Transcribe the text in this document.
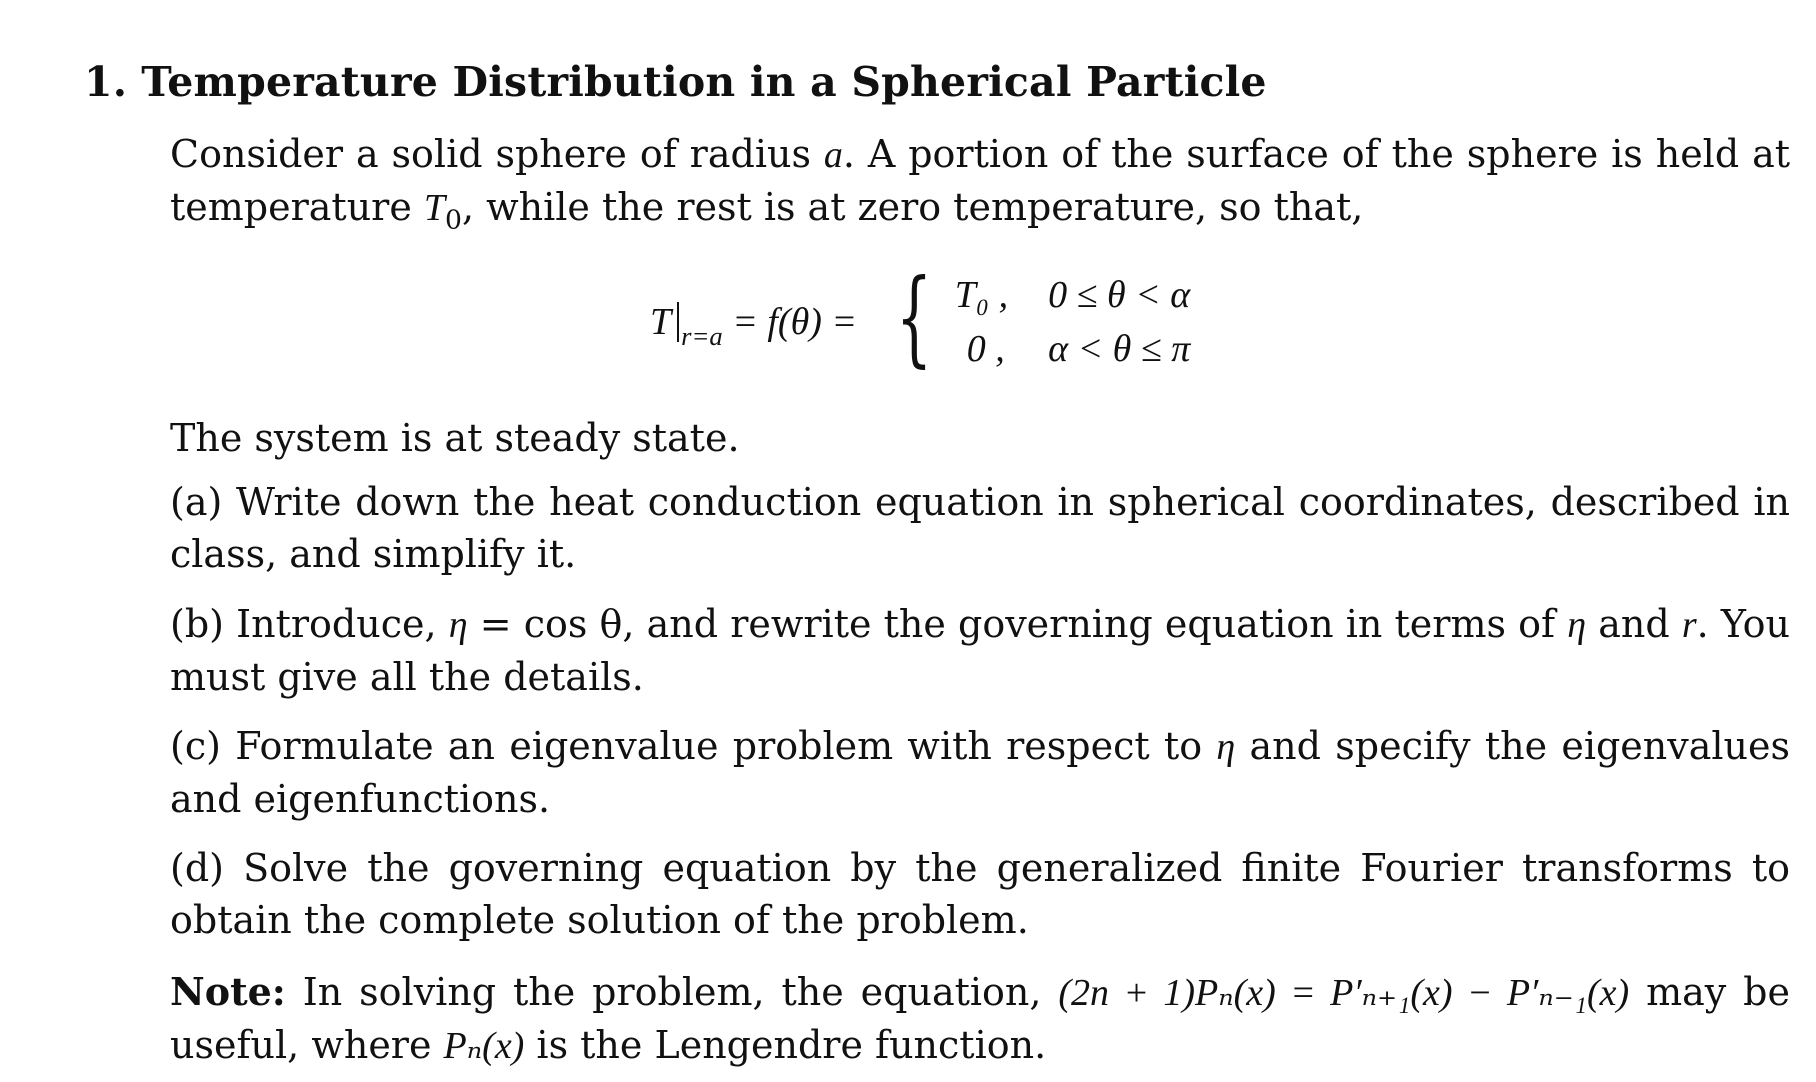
1. Temperature Distribution in a Spherical Particle
Consider a solid sphere of radius a. A portion of the surface of the sphere is held at temperature $T_0$, while the rest is at zero temperature, so that,
T $_{r=a}$ = f(θ) = { T₀ , 0 ≤ θ < α
0 , α < θ ≤ π
The system is at steady state.
(a) Write down the heat conduction equation in spherical coordinates, described in class, and simplify it.
(b) Introduce, η = cos θ, and rewrite the governing equation in terms of η and r. You must give all the details.
(c) Formulate an eigenvalue problem with respect to η and specify the eigenvalues and eigenfunctions.
(d) Solve the governing equation by the generalized finite Fourier transforms to obtain the complete solution of the problem.
Note: In solving the problem, the equation, (2n + 1)Pₙ(x) = P′ₙ₊₁(x) − P′ₙ₋₁(x) may be useful, where Pₙ(x) is the Lengendre function.
